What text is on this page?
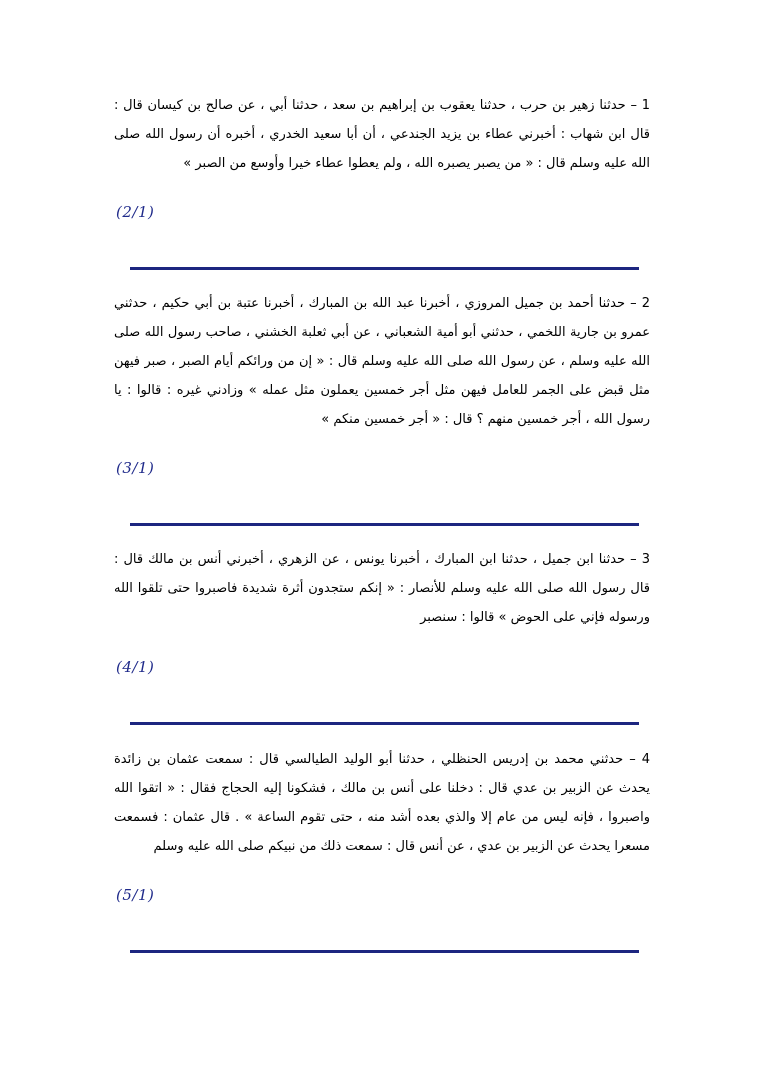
1 – حدثنا زهير بن حرب ، حدثنا يعقوب بن إبراهيم بن سعد ، حدثنا أبي ، عن صالح بن كيسان قال : قال ابن شهاب : أخبرني عطاء بن يزيد الجندعي ، أن أبا سعيد الخدري ، أخبره أن رسول الله صلى الله عليه وسلم قال : « من يصبر يصبره الله ، ولم يعطوا عطاء خيرا وأوسع من الصبر »

(2/1)

2 – حدثنا أحمد بن جميل المروزي ، أخبرنا عبد الله بن المبارك ، أخبرنا عتبة بن أبي حكيم ، حدثني عمرو بن جارية اللخمي ، حدثني أبو أمية الشعباني ، عن أبي ثعلبة الخشني ، صاحب رسول الله صلى الله عليه وسلم ، عن رسول الله صلى الله عليه وسلم قال : « إن من ورائكم أيام الصبر ، صبر فيهن مثل قبض على الجمر للعامل فيهن مثل أجر خمسين يعملون مثل عمله » وزادني غيره : قالوا : يا رسول الله ، أجر خمسين منهم ؟ قال : « أجر خمسين منكم »

(3/1)

3 – حدثنا ابن جميل ، حدثنا ابن المبارك ، أخبرنا يونس ، عن الزهري ، أخبرني أنس بن مالك قال : قال رسول الله صلى الله عليه وسلم للأنصار : « إنكم ستجدون أثرة شديدة فاصبروا حتى تلقوا الله ورسوله فإني على الحوض » قالوا : سنصبر

(4/1)

4 – حدثني محمد بن إدريس الحنظلي ، حدثنا أبو الوليد الطيالسي قال : سمعت عثمان بن زائدة يحدث عن الزبير بن عدي قال : دخلنا على أنس بن مالك ، فشكونا إليه الحجاج فقال : « اتقوا الله واصبروا ، فإنه ليس من عام إلا والذي بعده أشد منه ، حتى تقوم الساعة » . قال عثمان : فسمعت مسعرا يحدث عن الزبير بن عدي ، عن أنس قال : سمعت ذلك من نبيكم صلى الله عليه وسلم

(5/1)
